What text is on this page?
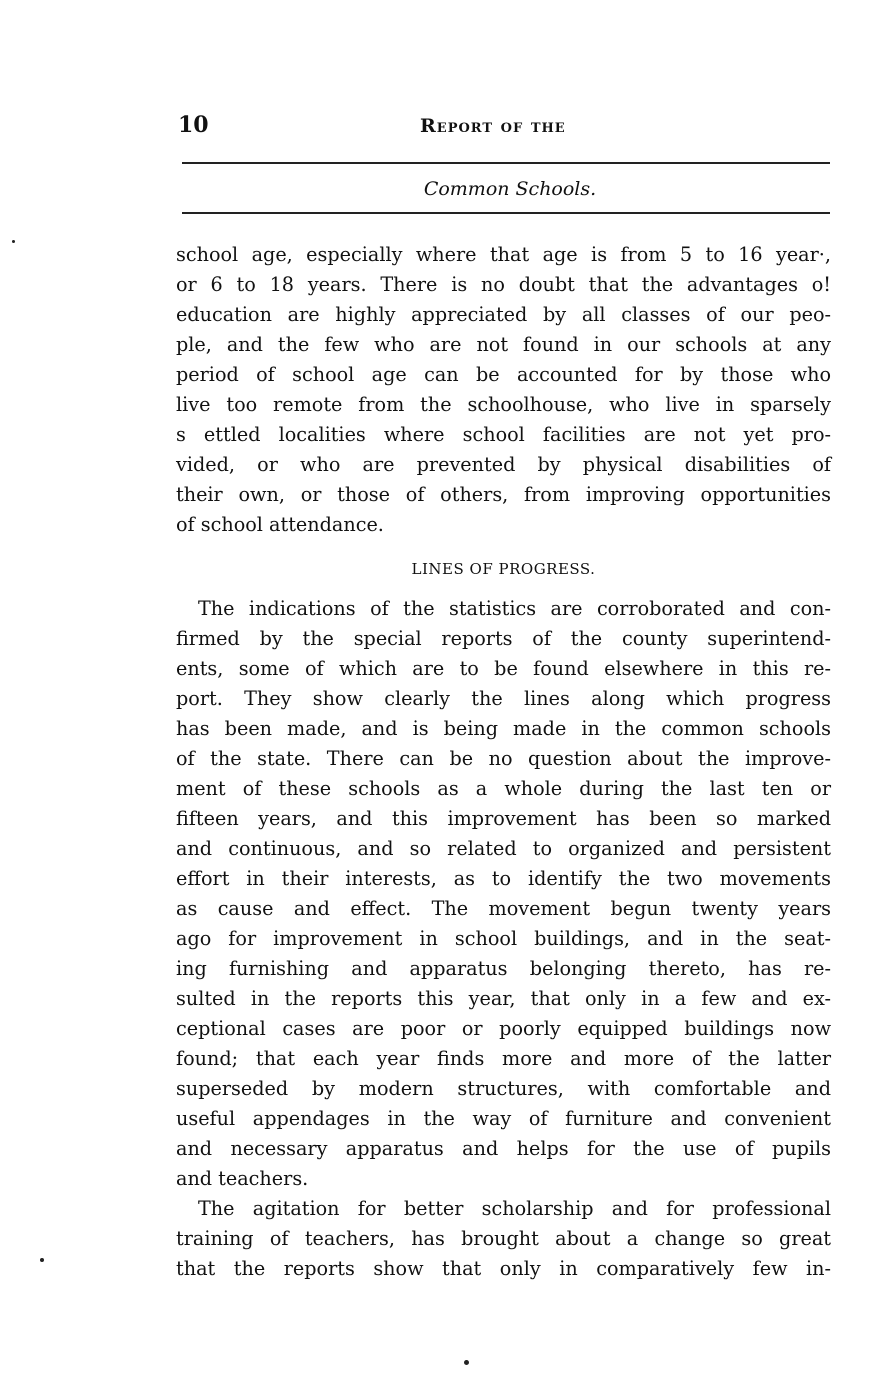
10	Report of the
Common Schools.
school age, especially where that age is from 5 to 16 year·,
or 6 to 18 years. There is no doubt that the advantages o!
education are highly appreciated by all classes of our peo-
ple, and the few who are not found in our schools at any
period of school age can be accounted for by those who
live too remote from the schoolhouse, who live in sparsely
s ettled localities where school facilities are not yet pro-
vided, or who are prevented by physical disabilities of
their own, or those of others, from improving opportunities
of school attendance.
LINES OF PROGRESS.
The indications of the statistics are corroborated and con-
firmed by the special reports of the county superintend-
ents, some of which are to be found elsewhere in this re-
port. They show clearly the lines along which progress
has been made, and is being made in the common schools
of the state. There can be no question about the improve-
ment of these schools as a whole during the last ten or
fifteen years, and this improvement has been so marked
and continuous, and so related to organized and persistent
effort in their interests, as to identify the two movements
as cause and effect. The movement begun twenty years
ago for improvement in school buildings, and in the seat-
ing furnishing and apparatus belonging thereto, has re-
sulted in the reports this year, that only in a few and ex-
ceptional cases are poor or poorly equipped buildings now
found; that each year finds more and more of the latter
superseded by modern structures, with comfortable and
useful appendages in the way of furniture and convenient
and necessary apparatus and helps for the use of pupils
and teachers.
The agitation for better scholarship and for professional
training of teachers, has brought about a change so great
that the reports show that only in comparatively few in-
